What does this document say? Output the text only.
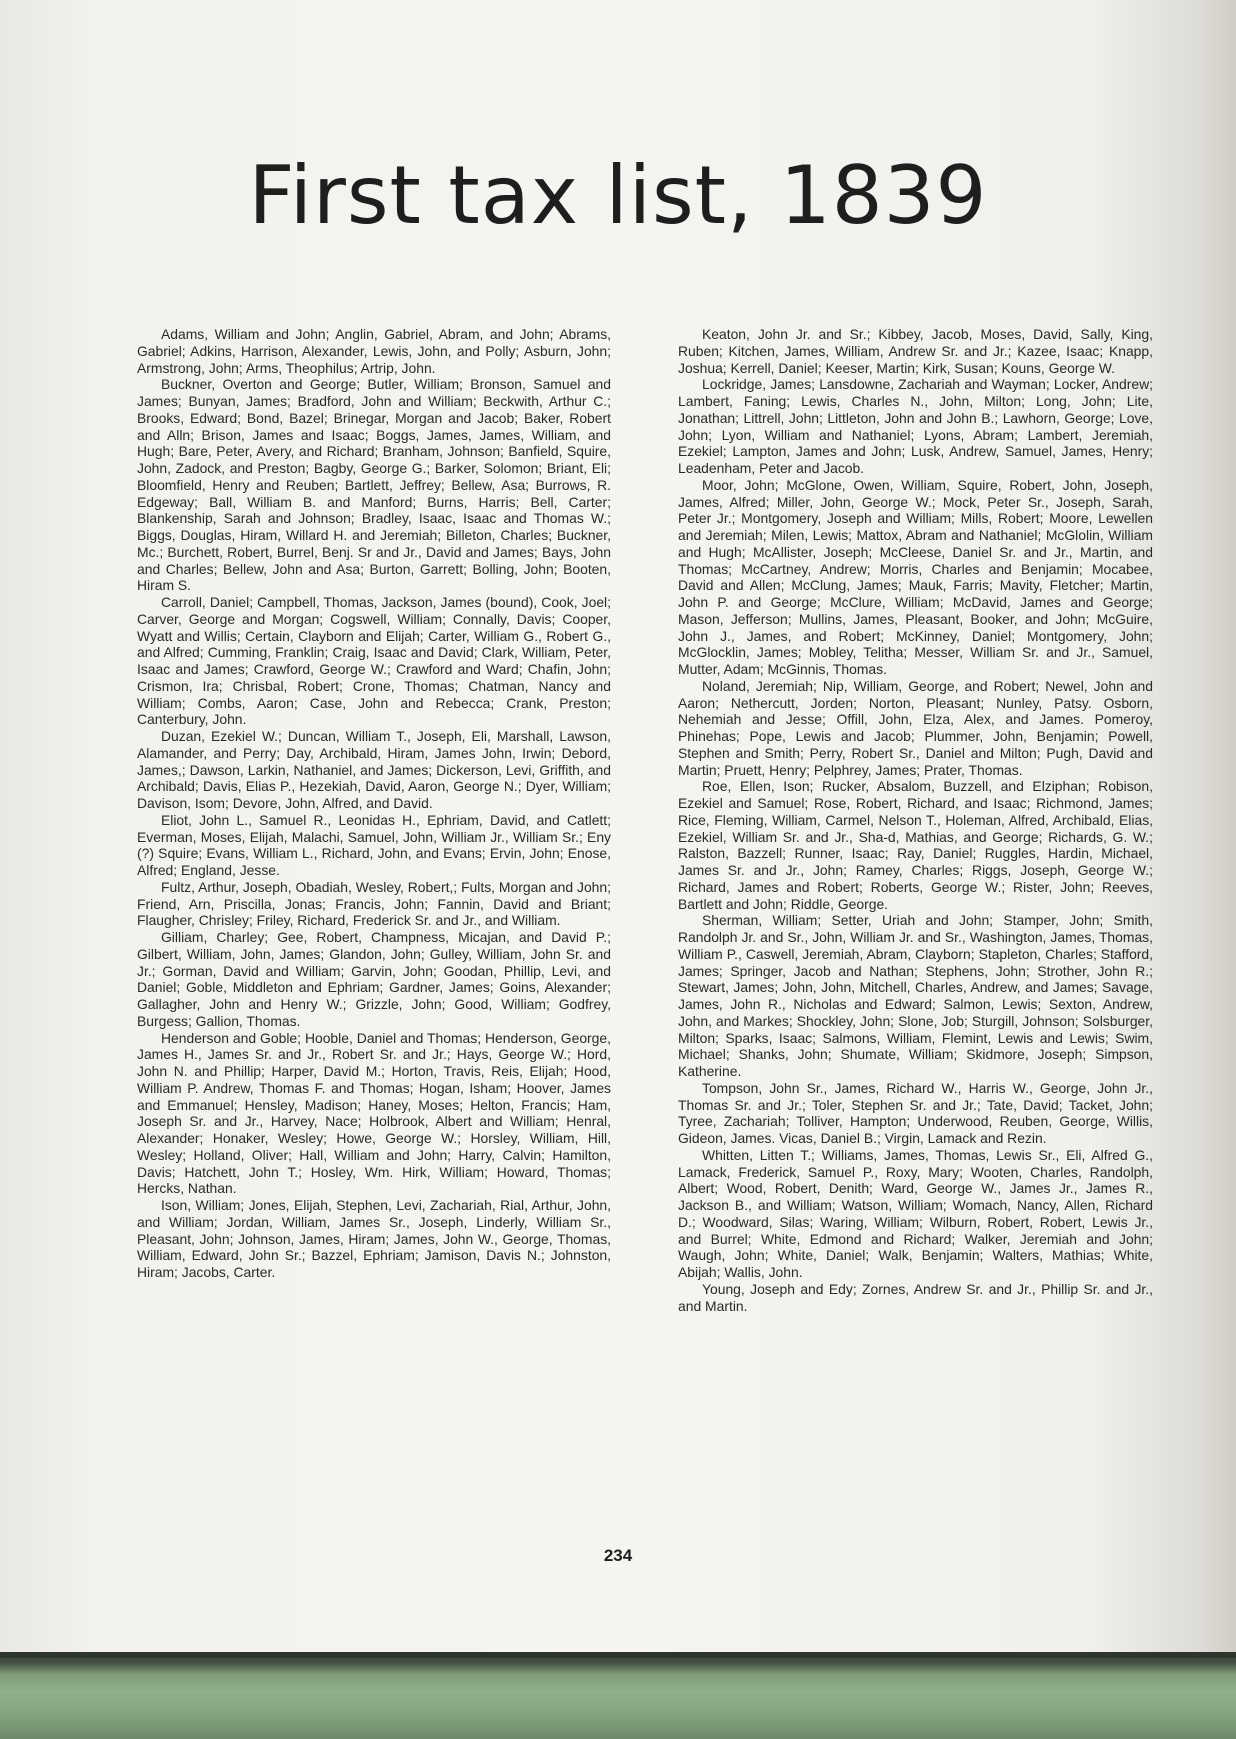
First tax list, 1839

Adams, William and John; Anglin, Gabriel, Abram, and John; Abrams, Gabriel; Adkins, Harrison, Alexander, Lewis, John, and Polly; Asburn, John; Armstrong, John; Arms, Theophilus; Artrip, John.

Buckner, Overton and George; Butler, William; Bronson, Samuel and James; Bunyan, James; Bradford, John and William; Beckwith, Arthur C.; Brooks, Edward; Bond, Bazel; Brinegar, Morgan and Jacob; Baker, Robert and Alln; Brison, James and Isaac; Boggs, James, James, William, and Hugh; Bare, Peter, Avery, and Richard; Branham, Johnson; Banfield, Squire, John, Zadock, and Preston; Bagby, George G.; Barker, Solomon; Briant, Eli; Bloomfield, Henry and Reuben; Bartlett, Jeffrey; Bellew, Asa; Burrows, R. Edgeway; Ball, William B. and Manford; Burns, Harris; Bell, Carter; Blankenship, Sarah and Johnson; Bradley, Isaac, Isaac and Thomas W.; Biggs, Douglas, Hiram, Willard H. and Jeremiah; Billeton, Charles; Buckner, Mc.; Burchett, Robert, Burrel, Benj. Sr and Jr., David and James; Bays, John and Charles; Bellew, John and Asa; Burton, Garrett; Bolling, John; Booten, Hiram S.

Carroll, Daniel; Campbell, Thomas, Jackson, James (bound), Cook, Joel; Carver, George and Morgan; Cogswell, William; Connally, Davis; Cooper, Wyatt and Willis; Certain, Clayborn and Elijah; Carter, William G., Robert G., and Alfred; Cumming, Franklin; Craig, Isaac and David; Clark, William, Peter, Isaac and James; Crawford, George W.; Crawford and Ward; Chafin, John; Crismon, Ira; Chrisbal, Robert; Crone, Thomas; Chatman, Nancy and William; Combs, Aaron; Case, John and Rebecca; Crank, Preston; Canterbury, John.

Duzan, Ezekiel W.; Duncan, William T., Joseph, Eli, Marshall, Lawson, Alamander, and Perry; Day, Archibald, Hiram, James John, Irwin; Debord, James,; Dawson, Larkin, Nathaniel, and James; Dickerson, Levi, Griffith, and Archibald; Davis, Elias P., Hezekiah, David, Aaron, George N.; Dyer, William; Davison, Isom; Devore, John, Alfred, and David.

Eliot, John L., Samuel R., Leonidas H., Ephriam, David, and Catlett; Everman, Moses, Elijah, Malachi, Samuel, John, William Jr., William Sr.; Eny (?) Squire; Evans, William L., Richard, John, and Evans; Ervin, John; Enose, Alfred; England, Jesse.

Fultz, Arthur, Joseph, Obadiah, Wesley, Robert,; Fults, Morgan and John; Friend, Arn, Priscilla, Jonas; Francis, John; Fannin, David and Briant; Flaugher, Chrisley; Friley, Richard, Frederick Sr. and Jr., and William.

Gilliam, Charley; Gee, Robert, Champness, Micajan, and David P.; Gilbert, William, John, James; Glandon, John; Gulley, William, John Sr. and Jr.; Gorman, David and William; Garvin, John; Goodan, Phillip, Levi, and Daniel; Goble, Middleton and Ephriam; Gardner, James; Goins, Alexander; Gallagher, John and Henry W.; Grizzle, John; Good, William; Godfrey, Burgess; Gallion, Thomas.

Henderson and Goble; Hooble, Daniel and Thomas; Henderson, George, James H., James Sr. and Jr., Robert Sr. and Jr.; Hays, George W.; Hord, John N. and Phillip; Harper, David M.; Horton, Travis, Reis, Elijah; Hood, William P. Andrew, Thomas F. and Thomas; Hogan, Isham; Hoover, James and Emmanuel; Hensley, Madison; Haney, Moses; Helton, Francis; Ham, Joseph Sr. and Jr., Harvey, Nace; Holbrook, Albert and William; Henral, Alexander; Honaker, Wesley; Howe, George W.; Horsley, William, Hill, Wesley; Holland, Oliver; Hall, William and John; Harry, Calvin; Hamilton, Davis; Hatchett, John T.; Hosley, Wm. Hirk, William; Howard, Thomas; Hercks, Nathan.

Ison, William; Jones, Elijah, Stephen, Levi, Zachariah, Rial, Arthur, John, and William; Jordan, William, James Sr., Joseph, Linderly, William Sr., Pleasant, John; Johnson, James, Hiram; James, John W., George, Thomas, William, Edward, John Sr.; Bazzel, Ephriam; Jamison, Davis N.; Johnston, Hiram; Jacobs, Carter.

Keaton, John Jr. and Sr.; Kibbey, Jacob, Moses, David, Sally, King, Ruben; Kitchen, James, William, Andrew Sr. and Jr.; Kazee, Isaac; Knapp, Joshua; Kerrell, Daniel; Keeser, Martin; Kirk, Susan; Kouns, George W.

Lockridge, James; Lansdowne, Zachariah and Wayman; Locker, Andrew; Lambert, Faning; Lewis, Charles N., John, Milton; Long, John; Lite, Jonathan; Littrell, John; Littleton, John and John B.; Lawhorn, George; Love, John; Lyon, William and Nathaniel; Lyons, Abram; Lambert, Jeremiah, Ezekiel; Lampton, James and John; Lusk, Andrew, Samuel, James, Henry; Leadenham, Peter and Jacob.

Moor, John; McGlone, Owen, William, Squire, Robert, John, Joseph, James, Alfred; Miller, John, George W.; Mock, Peter Sr., Joseph, Sarah, Peter Jr.; Montgomery, Joseph and William; Mills, Robert; Moore, Lewellen and Jeremiah; Milen, Lewis; Mattox, Abram and Nathaniel; McGlolin, William and Hugh; McAllister, Joseph; McCleese, Daniel Sr. and Jr., Martin, and Thomas; McCartney, Andrew; Morris, Charles and Benjamin; Mocabee, David and Allen; McClung, James; Mauk, Farris; Mavity, Fletcher; Martin, John P. and George; McClure, William; McDavid, James and George; Mason, Jefferson; Mullins, James, Pleasant, Booker, and John; McGuire, John J., James, and Robert; McKinney, Daniel; Montgomery, John; McGlocklin, James; Mobley, Telitha; Messer, William Sr. and Jr., Samuel, Mutter, Adam; McGinnis, Thomas.

Noland, Jeremiah; Nip, William, George, and Robert; Newel, John and Aaron; Nethercutt, Jorden; Norton, Pleasant; Nunley, Patsy. Osborn, Nehemiah and Jesse; Offill, John, Elza, Alex, and James. Pomeroy, Phinehas; Pope, Lewis and Jacob; Plummer, John, Benjamin; Powell, Stephen and Smith; Perry, Robert Sr., Daniel and Milton; Pugh, David and Martin; Pruett, Henry; Pelphrey, James; Prater, Thomas.

Roe, Ellen, Ison; Rucker, Absalom, Buzzell, and Elziphan; Robison, Ezekiel and Samuel; Rose, Robert, Richard, and Isaac; Richmond, James; Rice, Fleming, William, Carmel, Nelson T., Holeman, Alfred, Archibald, Elias, Ezekiel, William Sr. and Jr., Sha-d, Mathias, and George; Richards, G. W.; Ralston, Bazzell; Runner, Isaac; Ray, Daniel; Ruggles, Hardin, Michael, James Sr. and Jr., John; Ramey, Charles; Riggs, Joseph, George W.; Richard, James and Robert; Roberts, George W.; Rister, John; Reeves, Bartlett and John; Riddle, George.

Sherman, William; Setter, Uriah and John; Stamper, John; Smith, Randolph Jr. and Sr., John, William Jr. and Sr., Washington, James, Thomas, William P., Caswell, Jeremiah, Abram, Clayborn; Stapleton, Charles; Stafford, James; Springer, Jacob and Nathan; Stephens, John; Strother, John R.; Stewart, James; John, John, Mitchell, Charles, Andrew, and James; Savage, James, John R., Nicholas and Edward; Salmon, Lewis; Sexton, Andrew, John, and Markes; Shockley, John; Slone, Job; Sturgill, Johnson; Solsburger, Milton; Sparks, Isaac; Salmons, William, Flemint, Lewis and Lewis; Swim, Michael; Shanks, John; Shumate, William; Skidmore, Joseph; Simpson, Katherine.

Tompson, John Sr., James, Richard W., Harris W., George, John Jr., Thomas Sr. and Jr.; Toler, Stephen Sr. and Jr.; Tate, David; Tacket, John; Tyree, Zachariah; Tolliver, Hampton; Underwood, Reuben, George, Willis, Gideon, James. Vicas, Daniel B.; Virgin, Lamack and Rezin.

Whitten, Litten T.; Williams, James, Thomas, Lewis Sr., Eli, Alfred G., Lamack, Frederick, Samuel P., Roxy, Mary; Wooten, Charles, Randolph, Albert; Wood, Robert, Denith; Ward, George W., James Jr., James R., Jackson B., and William; Watson, William; Womach, Nancy, Allen, Richard D.; Woodward, Silas; Waring, William; Wilburn, Robert, Robert, Lewis Jr., and Burrel; White, Edmond and Richard; Walker, Jeremiah and John; Waugh, John; White, Daniel; Walk, Benjamin; Walters, Mathias; White, Abijah; Wallis, John.

Young, Joseph and Edy; Zornes, Andrew Sr. and Jr., Phillip Sr. and Jr., and Martin.

234
